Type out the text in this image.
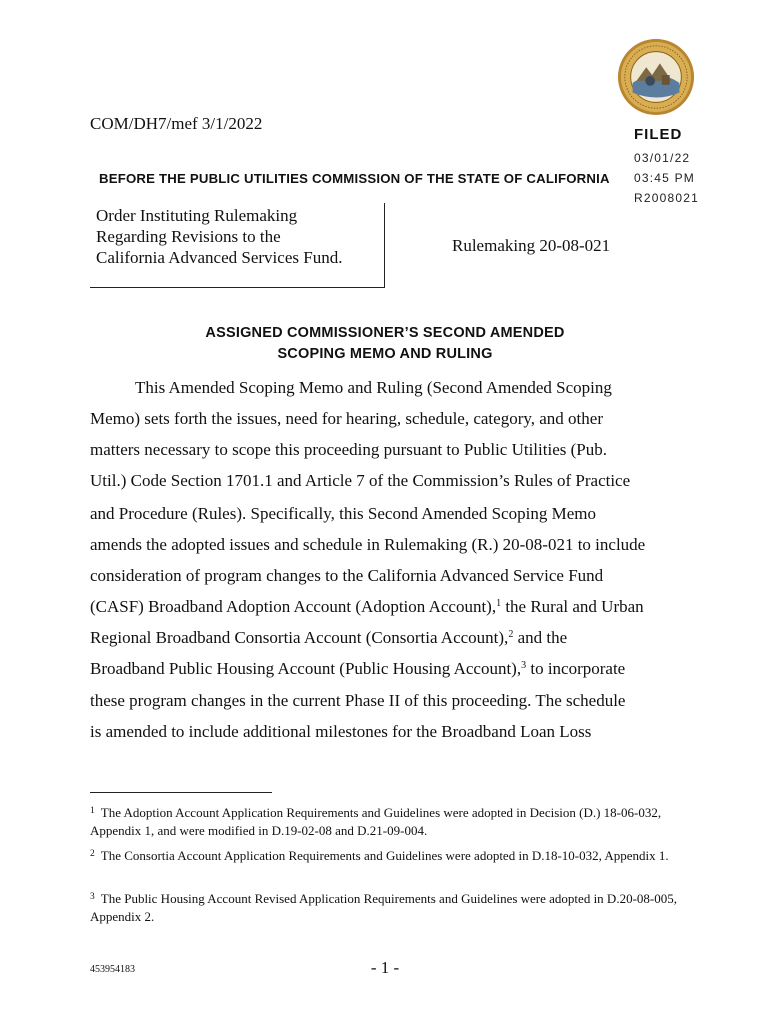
COM/DH7/mef 3/1/2022
FILED
03/01/22
03:45 PM
R2008021
BEFORE THE PUBLIC UTILITIES COMMISSION OF THE STATE OF CALIFORNIA
Order Instituting Rulemaking
Regarding Revisions to the
California Advanced Services Fund.
Rulemaking 20-08-021
ASSIGNED COMMISSIONER’S SECOND AMENDED
SCOPING MEMO AND RULING
This Amended Scoping Memo and Ruling (Second Amended Scoping
Memo) sets forth the issues, need for hearing, schedule, category, and other
matters necessary to scope this proceeding pursuant to Public Utilities (Pub.
Util.) Code Section 1701.1 and Article 7 of the Commission’s Rules of Practice
and Procedure (Rules). Specifically, this Second Amended Scoping Memo
amends the adopted issues and schedule in Rulemaking (R.) 20-08-021 to include
consideration of program changes to the California Advanced Service Fund
(CASF) Broadband Adoption Account (Adoption Account),$^1$ the Rural and Urban
Regional Broadband Consortia Account (Consortia Account),$^2$ and the
Broadband Public Housing Account (Public Housing Account),$^3$ to incorporate
these program changes in the current Phase II of this proceeding. The schedule
is amended to include additional milestones for the Broadband Loan Loss
$^1$ The Adoption Account Application Requirements and Guidelines were adopted in Decision (D.) 18-06-032, Appendix 1, and were modified in D.19-02-08 and D.21-09-004.
$^2$ The Consortia Account Application Requirements and Guidelines were adopted in D.18-10-032, Appendix 1.
$^3$ The Public Housing Account Revised Application Requirements and Guidelines were adopted in D.20-08-005, Appendix 2.
453954183	- 1 -
